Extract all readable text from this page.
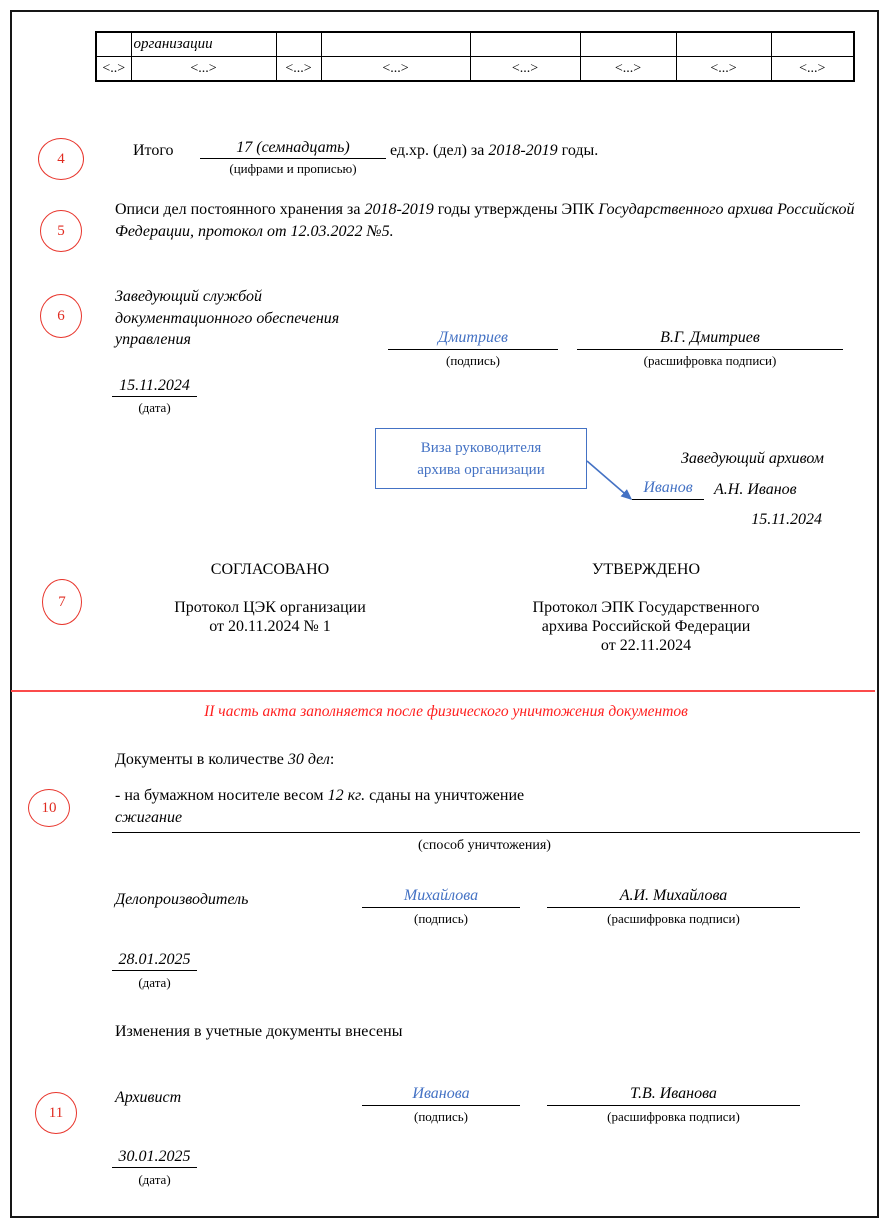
	организации						
<..>	<...>	<...>	<...>	<...>	<...>	<...>	<...>
4
5
6
7
10
11
Итого	17 (семнадцать)	ед.хр. (дел) за 2018-2019 годы.
(цифрами и прописью)
Описи дел постоянного хранения за 2018-2019 годы утверждены ЭПК Государственного архива Российской Федерации, протокол от 12.03.2022 №5.
Заведующий службой документационного обеспечения управления	Дмитриев
(подпись)
В.Г. Дмитриев
(расшифровка подписи)
15.11.2024
(дата)
Виза руководителя
архива организации
Заведующий архивом
Иванов	А.Н. Иванов
15.11.2024
СОГЛАСОВАНО
Протокол ЦЭК организации
от 20.11.2024 № 1
УТВЕРЖДЕНО
Протокол ЭПК Государственного
архива Российской Федерации
от 22.11.2024
II часть акта заполняется после физического уничтожения документов
Документы в количестве 30 дел:
- на бумажном носителе весом 12 кг. сданы на уничтожение
сжигание
(способ уничтожения)
Делопроизводитель	Михайлова
(подпись)
А.И. Михайлова
(расшифровка подписи)
28.01.2025
(дата)
Изменения в учетные документы внесены
Архивист	Иванова
(подпись)
Т.В. Иванова
(расшифровка подписи)
30.01.2025
(дата)
